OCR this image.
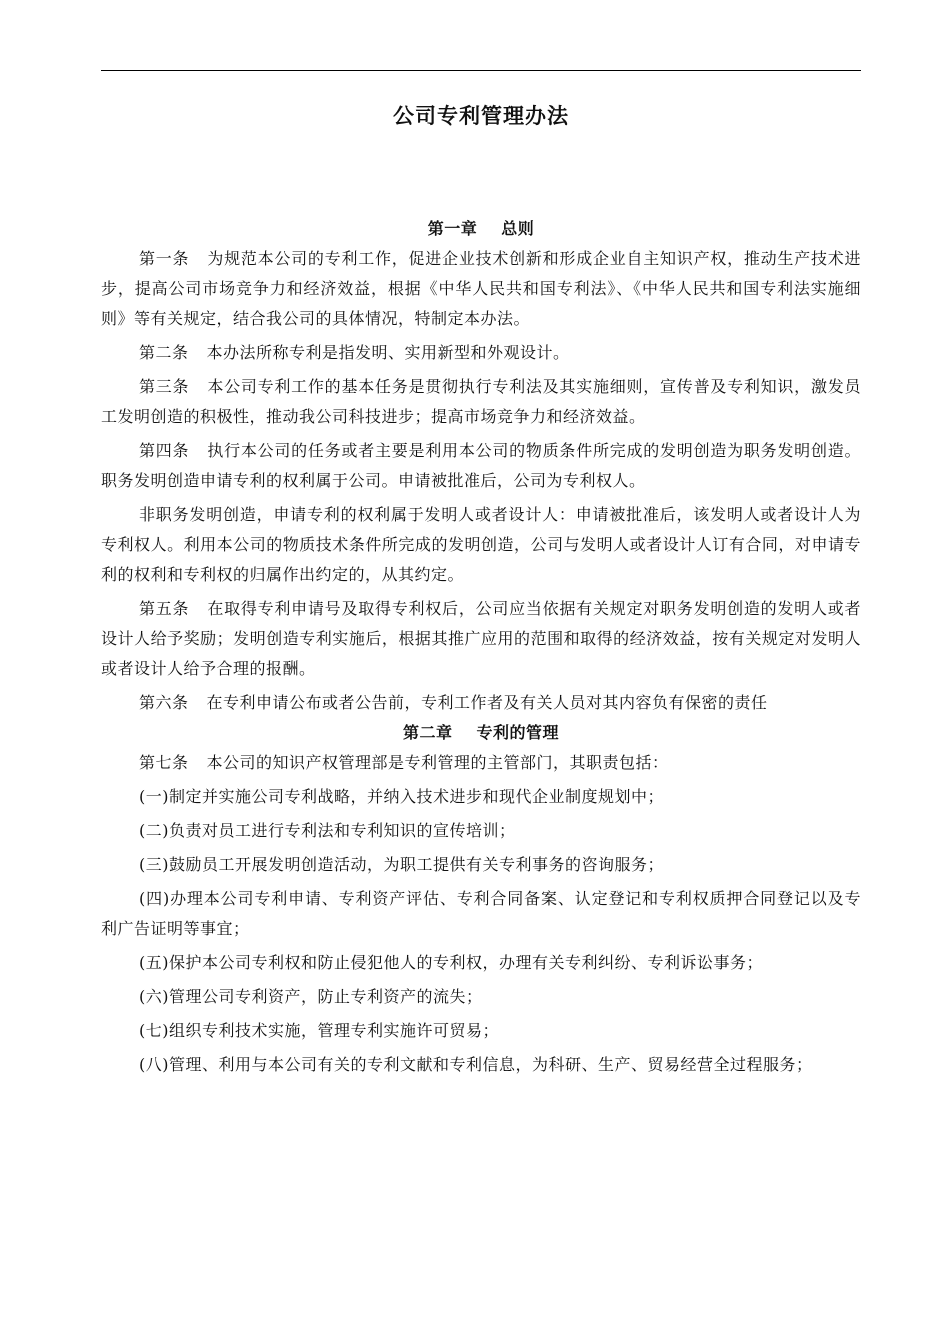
公司专利管理办法
第一章 总则

第一条 为规范本公司的专利工作，促进企业技术创新和形成企业自主知识产权，推动生产技术进步，提高公司市场竞争力和经济效益，根据《中华人民共和国专利法》、《中华人民共和国专利法实施细则》等有关规定，结合我公司的具体情况，特制定本办法。

第二条 本办法所称专利是指发明、实用新型和外观设计。

第三条 本公司专利工作的基本任务是贯彻执行专利法及其实施细则，宣传普及专利知识，激发员工发明创造的积极性，推动我公司科技进步；提高市场竞争力和经济效益。

第四条 执行本公司的任务或者主要是利用本公司的物质条件所完成的发明创造为职务发明创造。职务发明创造申请专利的权利属于公司。申请被批准后，公司为专利权人。

非职务发明创造，申请专利的权利属于发明人或者设计人：申请被批准后，该发明人或者设计人为专利权人。利用本公司的物质技术条件所完成的发明创造，公司与发明人或者设计人订有合同，对申请专利的权利和专利权的归属作出约定的，从其约定。

第五条 在取得专利申请号及取得专利权后，公司应当依据有关规定对职务发明创造的发明人或者设计人给予奖励；发明创造专利实施后，根据其推广应用的范围和取得的经济效益，按有关规定对发明人或者设计人给予合理的报酬。

第六条 在专利申请公布或者公告前，专利工作者及有关人员对其内容负有保密的责任

第二章 专利的管理

第七条 本公司的知识产权管理部是专利管理的主管部门，其职责包括：

(一)制定并实施公司专利战略，并纳入技术进步和现代企业制度规划中；

(二)负责对员工进行专利法和专利知识的宣传培训；

(三)鼓励员工开展发明创造活动，为职工提供有关专利事务的咨询服务；

(四)办理本公司专利申请、专利资产评估、专利合同备案、认定登记和专利权质押合同登记以及专利广告证明等事宜；

(五)保护本公司专利权和防止侵犯他人的专利权，办理有关专利纠纷、专利诉讼事务；

(六)管理公司专利资产，防止专利资产的流失；

(七)组织专利技术实施，管理专利实施许可贸易；

(八)管理、利用与本公司有关的专利文献和专利信息，为科研、生产、贸易经营全过程服务；
